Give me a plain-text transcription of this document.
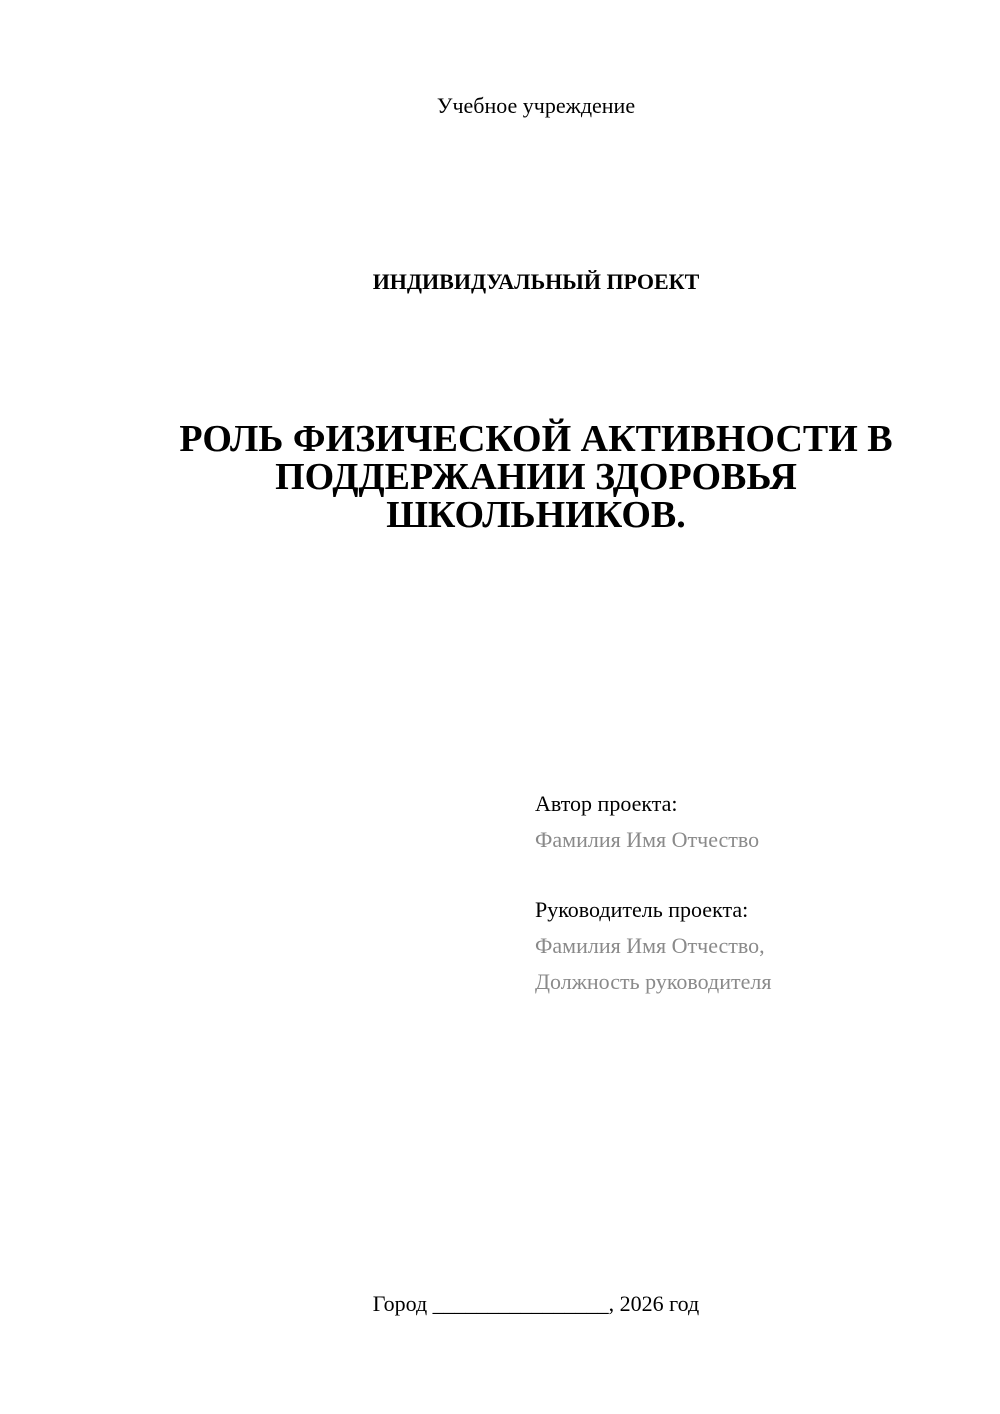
Учебное учреждение
ИНДИВИДУАЛЬНЫЙ ПРОЕКТ
РОЛЬ ФИЗИЧЕСКОЙ АКТИВНОСТИ В
ПОДДЕРЖАНИИ ЗДОРОВЬЯ
ШКОЛЬНИКОВ.
Автор проекта:
Фамилия Имя Отчество
Руководитель проекта:
Фамилия Имя Отчество,
Должность руководителя
Город ________________, 2026 год
